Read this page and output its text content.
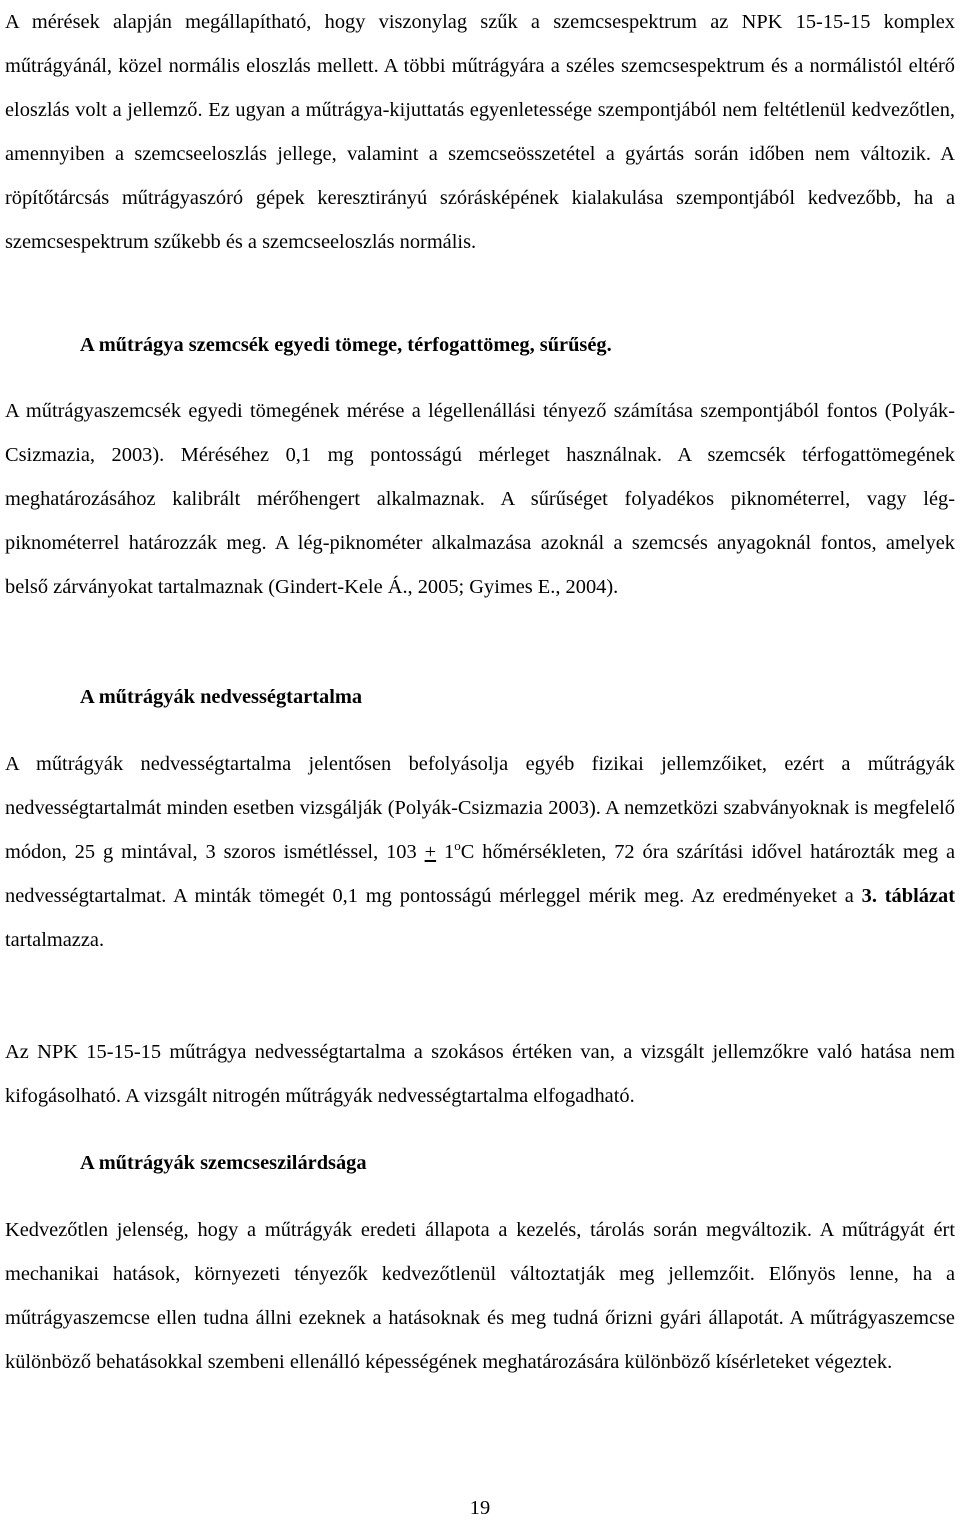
A mérések alapján megállapítható, hogy viszonylag szűk a szemcsespektrum az NPK 15-15-15 komplex műtrágyánál, közel normális eloszlás mellett. A többi műtrágyára a széles szemcsespektrum és a normálistól eltérő eloszlás volt a jellemző. Ez ugyan a műtrágya-kijuttatás egyenletessége szempontjából nem feltétlenül kedvezőtlen, amennyiben a szemcseeloszlás jellege, valamint a szemcseösszetétel a gyártás során időben nem változik. A röpítőtárcsás műtrágyaszóró gépek keresztirányú szórásképének kialakulása szempontjából kedvezőbb, ha a szemcsespektrum szűkebb és a szemcseeloszlás normális.

A műtrágya szemcsék egyedi tömege, térfogattömeg, sűrűség.

A műtrágyaszemcsék egyedi tömegének mérése a légellenállási tényező számítása szempontjából fontos (Polyák-Csizmazia, 2003). Méréséhez 0,1 mg pontosságú mérleget használnak. A szemcsék térfogattömegének meghatározásához kalibrált mérőhengert alkalmaznak. A sűrűséget folyadékos piknométerrel, vagy lég-piknométerrel határozzák meg. A lég-piknométer alkalmazása azoknál a szemcsés anyagoknál fontos, amelyek belső zárványokat tartalmaznak (Gindert-Kele Á., 2005; Gyimes E., 2004).

A műtrágyák nedvességtartalma

A műtrágyák nedvességtartalma jelentősen befolyásolja egyéb fizikai jellemzőiket, ezért a műtrágyák nedvességtartalmát minden esetben vizsgálják (Polyák-Csizmazia 2003). A nemzetközi szabványoknak is megfelelő módon, 25 g mintával, 3 szoros ismétléssel, $103 + 1^oC$ hőmérsékleten, 72 óra szárítási idővel határozták meg a nedvességtartalmat. A minták tömegét 0,1 mg pontosságú mérleggel mérik meg. Az eredményeket a 3. táblázat tartalmazza.

Az NPK 15-15-15 műtrágya nedvességtartalma a szokásos értéken van, a vizsgált jellemzőkre való hatása nem kifogásolható. A vizsgált nitrogén műtrágyák nedvességtartalma elfogadható.

A műtrágyák szemcseszilárdsága

Kedvezőtlen jelenség, hogy a műtrágyák eredeti állapota a kezelés, tárolás során megváltozik. A műtrágyát ért mechanikai hatások, környezeti tényezők kedvezőtlenül változtatják meg jellemzőit. Előnyös lenne, ha a műtrágyaszemcse ellen tudna állni ezeknek a hatásoknak és meg tudná őrizni gyári állapotát. A műtrágyaszemcse különböző behatásokkal szembeni ellenálló képességének meghatározására különböző kísérleteket végeztek.

19
